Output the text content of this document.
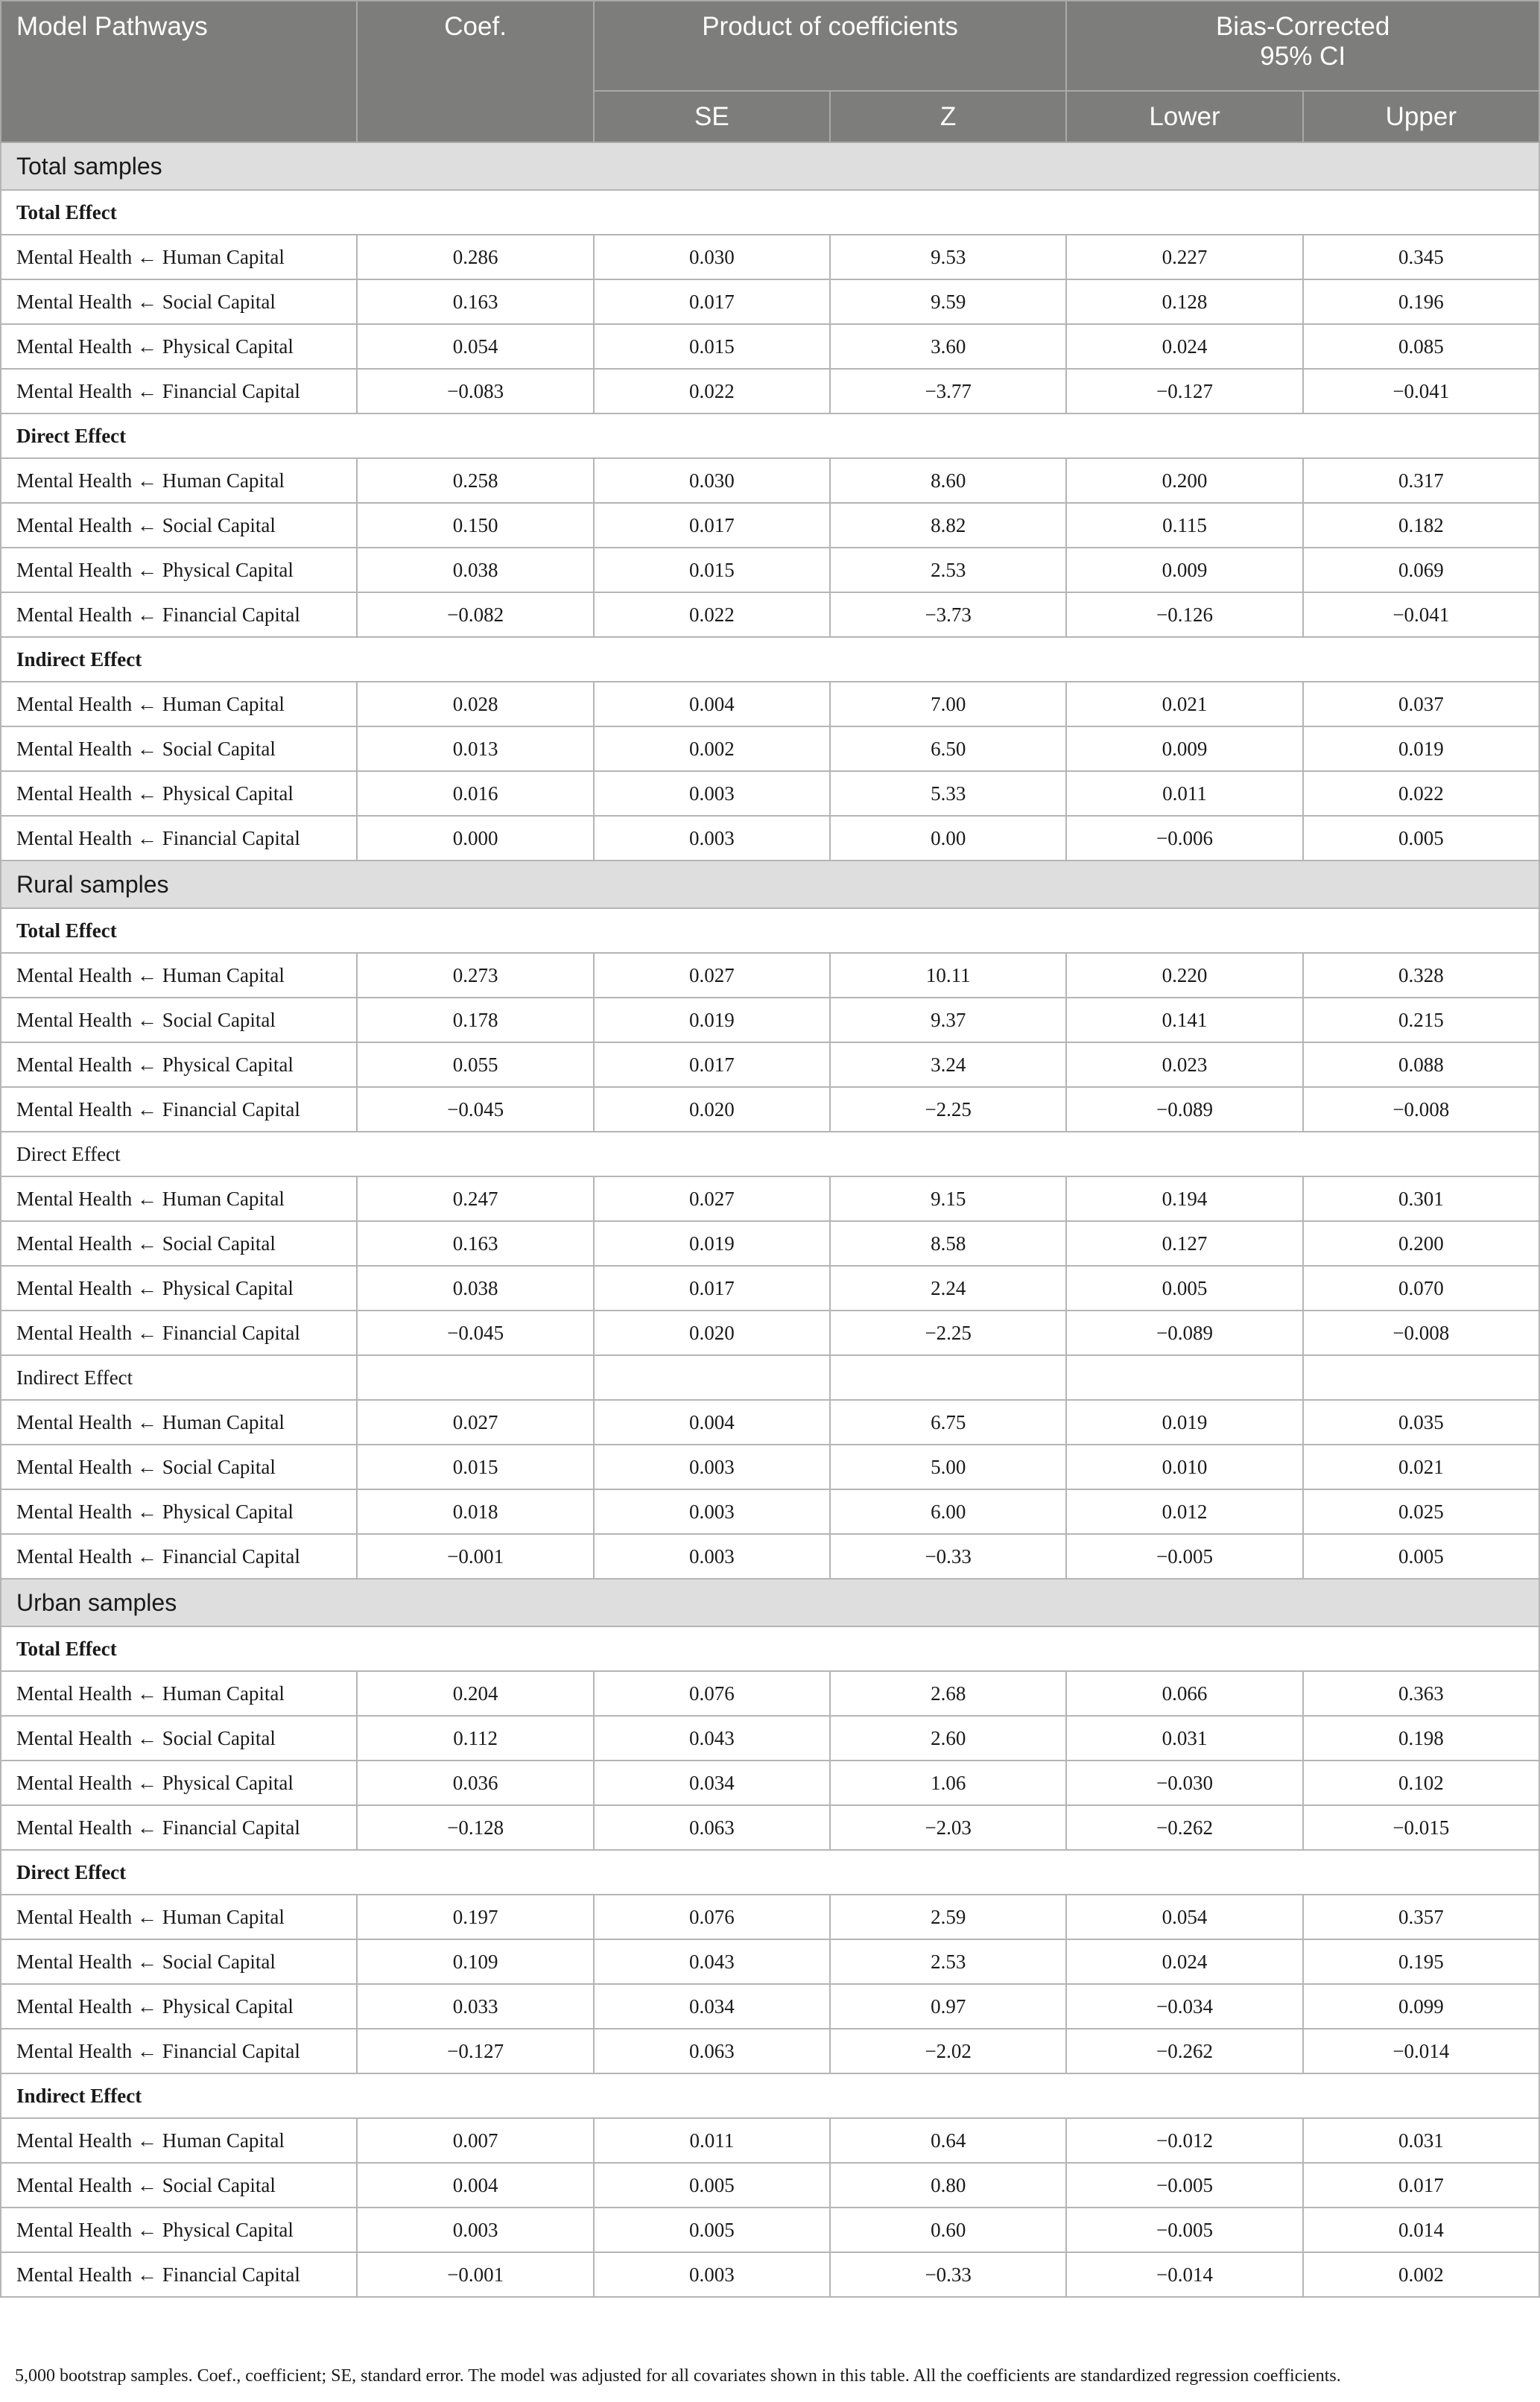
Model Pathways	Coef.	Product of coefficients		Bias-Corrected
95% CI	

		SE	Z	Lower	Upper
Total samples					
Total Effect					
Mental Health ← Human Capital	0.286	0.030	9.53	0.227	0.345
Mental Health ← Social Capital	0.163	0.017	9.59	0.128	0.196
Mental Health ← Physical Capital	0.054	0.015	3.60	0.024	0.085
Mental Health ← Financial Capital	−0.083	0.022	−3.77	−0.127	−0.041
Direct Effect					
Mental Health ← Human Capital	0.258	0.030	8.60	0.200	0.317
Mental Health ← Social Capital	0.150	0.017	8.82	0.115	0.182
Mental Health ← Physical Capital	0.038	0.015	2.53	0.009	0.069
Mental Health ← Financial Capital	−0.082	0.022	−3.73	−0.126	−0.041
Indirect Effect					
Mental Health ← Human Capital	0.028	0.004	7.00	0.021	0.037
Mental Health ← Social Capital	0.013	0.002	6.50	0.009	0.019
Mental Health ← Physical Capital	0.016	0.003	5.33	0.011	0.022
Mental Health ← Financial Capital	0.000	0.003	0.00	−0.006	0.005
Rural samples					
Total Effect					
Mental Health ← Human Capital	0.273	0.027	10.11	0.220	0.328
Mental Health ← Social Capital	0.178	0.019	9.37	0.141	0.215
Mental Health ← Physical Capital	0.055	0.017	3.24	0.023	0.088
Mental Health ← Financial Capital	−0.045	0.020	−2.25	−0.089	−0.008
Direct Effect					
Mental Health ← Human Capital	0.247	0.027	9.15	0.194	0.301
Mental Health ← Social Capital	0.163	0.019	8.58	0.127	0.200
Mental Health ← Physical Capital	0.038	0.017	2.24	0.005	0.070
Mental Health ← Financial Capital	−0.045	0.020	−2.25	−0.089	−0.008
Indirect Effect					
Mental Health ← Human Capital	0.027	0.004	6.75	0.019	0.035
Mental Health ← Social Capital	0.015	0.003	5.00	0.010	0.021
Mental Health ← Physical Capital	0.018	0.003	6.00	0.012	0.025
Mental Health ← Financial Capital	−0.001	0.003	−0.33	−0.005	0.005
Urban samples					
Total Effect					
Mental Health ← Human Capital	0.204	0.076	2.68	0.066	0.363
Mental Health ← Social Capital	0.112	0.043	2.60	0.031	0.198
Mental Health ← Physical Capital	0.036	0.034	1.06	−0.030	0.102
Mental Health ← Financial Capital	−0.128	0.063	−2.03	−0.262	−0.015
Direct Effect					
Mental Health ← Human Capital	0.197	0.076	2.59	0.054	0.357
Mental Health ← Social Capital	0.109	0.043	2.53	0.024	0.195
Mental Health ← Physical Capital	0.033	0.034	0.97	−0.034	0.099
Mental Health ← Financial Capital	−0.127	0.063	−2.02	−0.262	−0.014
Indirect Effect					
Mental Health ← Human Capital	0.007	0.011	0.64	−0.012	0.031
Mental Health ← Social Capital	0.004	0.005	0.80	−0.005	0.017
Mental Health ← Physical Capital	0.003	0.005	0.60	−0.005	0.014
Mental Health ← Financial Capital	−0.001	0.003	−0.33	−0.014	0.002
5,000 bootstrap samples. Coef., coefficient; SE, standard error. The model was adjusted for all covariates shown in this table. All the coefficients are standardized regression coefficients.
